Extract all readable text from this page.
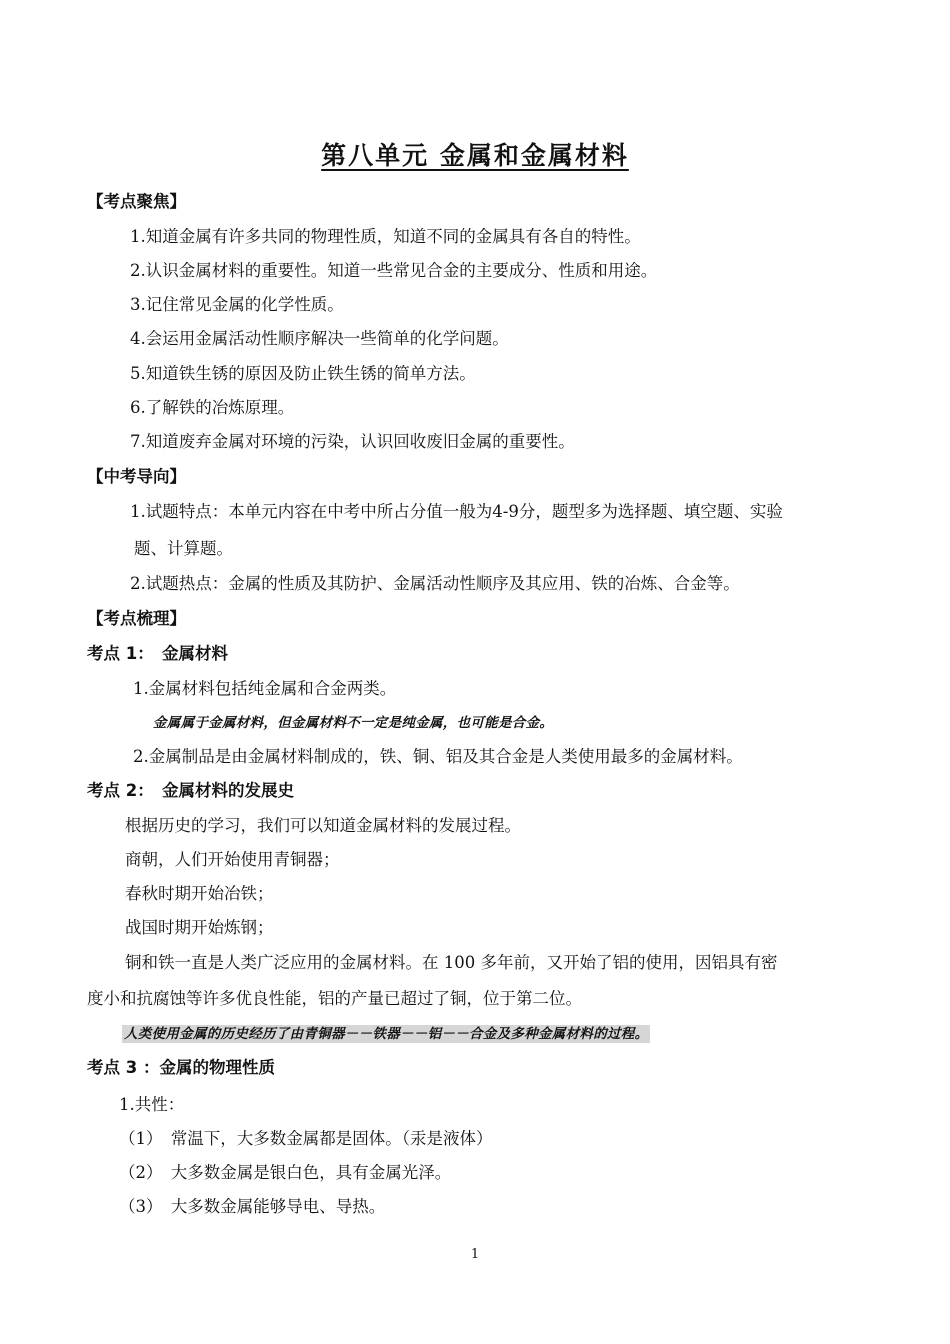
第八单元 金属和金属材料
【考点聚焦】
1.知道金属有许多共同的物理性质，知道不同的金属具有各自的特性。
2.认识金属材料的重要性。知道一些常见合金的主要成分、性质和用途。
3.记住常见金属的化学性质。
4.会运用金属活动性顺序解决一些简单的化学问题。
5.知道铁生锈的原因及防止铁生锈的简单方法。
6.了解铁的冶炼原理。
7.知道废弃金属对环境的污染，认识回收废旧金属的重要性。
【中考导向】
1.试题特点：本单元内容在中考中所占分值一般为4-9分，题型多为选择题、填空题、实验
题、计算题。
2.试题热点：金属的性质及其防护、金属活动性顺序及其应用、铁的冶炼、合金等。
【考点梳理】
考点 1：　金属材料
1.金属材料包括纯金属和合金两类。
金属属于金属材料，但金属材料不一定是纯金属，也可能是合金。
2.金属制品是由金属材料制成的，铁、铜、铝及其合金是人类使用最多的金属材料。
考点 2：　金属材料的发展史
根据历史的学习，我们可以知道金属材料的发展过程。
商朝，人们开始使用青铜器；
春秋时期开始冶铁；
战国时期开始炼钢；
铜和铁一直是人类广泛应用的金属材料。在 100 多年前，又开始了铝的使用，因铝具有密
度小和抗腐蚀等许多优良性能，铝的产量已超过了铜，位于第二位。
人类使用金属的历史经历了由青铜器－－铁器－－铝－－合金及多种金属材料的过程。
考点 3 ：金属的物理性质
1.共性：
（1）　常温下，大多数金属都是固体。（汞是液体）
（2）　大多数金属是银白色，具有金属光泽。
（3）　大多数金属能够导电、导热。
1
